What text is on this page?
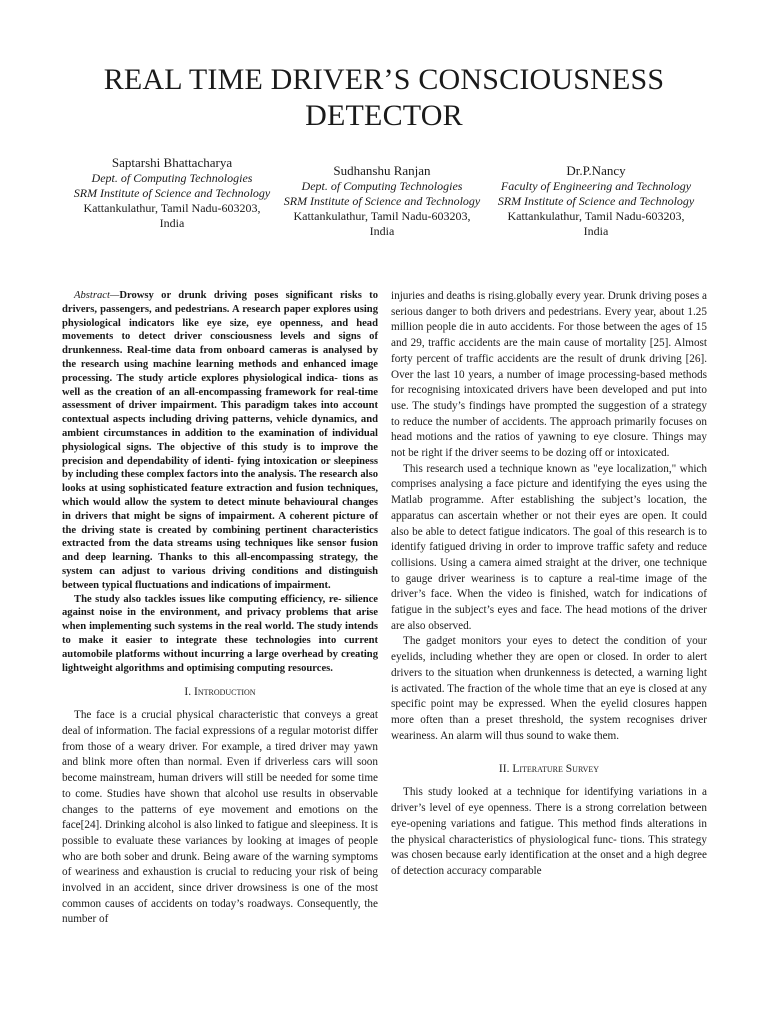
REAL TIME DRIVER’S CONSCIOUSNESS
DETECTOR
Saptarshi Bhattacharya
Dept. of Computing Technologies
SRM Institute of Science and Technology
Kattankulathur, Tamil Nadu-603203,
India
Sudhanshu Ranjan
Dept. of Computing Technologies
SRM Institute of Science and Technology
Kattankulathur, Tamil Nadu-603203,
India
Dr.P.Nancy
Faculty of Engineering and Technology
SRM Institute of Science and Technology
Kattankulathur, Tamil Nadu-603203,
India

Abstract—Drowsy or drunk driving poses significant risks to drivers, passengers, and pedestrians. A research paper explores using physiological indicators like eye size, eye openness, and head movements to detect driver consciousness levels and signs of drunkenness. Real-time data from onboard cameras is analysed by the research using machine learning methods and enhanced image processing. The study article explores physiological indica- tions as well as the creation of an all-encompassing framework for real-time assessment of driver impairment. This paradigm takes into account contextual aspects including driving patterns, vehicle dynamics, and ambient circumstances in addition to the examination of individual physiological signs. The objective of this study is to improve the precision and dependability of identi- fying intoxication or sleepiness by including these complex factors into the analysis. The research also looks at using sophisticated feature extraction and fusion techniques, which would allow the system to detect minute behavioural changes in drivers that might be signs of impairment. A coherent picture of the driving state is created by combining pertinent characteristics extracted from the data streams using techniques like sensor fusion and deep learning. Thanks to this all-encompassing strategy, the system can adjust to various driving conditions and distinguish between typical fluctuations and indications of impairment.

The study also tackles issues like computing efficiency, re- silience against noise in the environment, and privacy problems that arise when implementing such systems in the real world. The study intends to make it easier to integrate these technologies into current automobile platforms without incurring a large overhead by creating lightweight algorithms and optimising computing resources.

I. Introduction

The face is a crucial physical characteristic that conveys a great deal of information. The facial expressions of a regular motorist differ from those of a weary driver. For example, a tired driver may yawn and blink more often than normal. Even if driverless cars will soon become mainstream, human drivers will still be needed for some time to come. Studies have shown that alcohol use results in observable changes to the patterns of eye movement and emotions on the face[24]. Drinking alcohol is also linked to fatigue and sleepiness. It is possible to evaluate these variances by looking at images of people who are both sober and drunk. Being aware of the warning symptoms of weariness and exhaustion is crucial to reducing your risk of being involved in an accident, since driver drowsiness is one of the most common causes of accidents on today’s roadways. Consequently, the number of

injuries and deaths is rising.globally every year. Drunk driving poses a serious danger to both drivers and pedestrians. Every year, about 1.25 million people die in auto accidents. For those between the ages of 15 and 29, traffic accidents are the main cause of mortality [25]. Almost forty percent of traffic accidents are the result of drunk driving [26]. Over the last 10 years, a number of image processing-based methods for recognising intoxicated drivers have been developed and put into use. The study’s findings have prompted the suggestion of a strategy to reduce the number of accidents. The approach primarily focuses on head motions and the ratios of yawning to eye closure. Things may not be right if the driver seems to be dozing off or intoxicated.

This research used a technique known as "eye localization," which comprises analysing a face picture and identifying the eyes using the Matlab programme. After establishing the subject’s location, the apparatus can ascertain whether or not their eyes are open. It could also be able to detect fatigue indicators. The goal of this research is to identify fatigued driving in order to improve traffic safety and reduce collisions. Using a camera aimed straight at the driver, one technique to gauge driver weariness is to capture a real-time image of the driver’s face. When the video is finished, watch for indications of fatigue in the subject’s eyes and face. The head motions of the driver are also observed.

The gadget monitors your eyes to detect the condition of your eyelids, including whether they are open or closed. In order to alert drivers to the situation when drunkenness is detected, a warning light is activated. The fraction of the whole time that an eye is closed at any specific point may be expressed. When the eyelid closures happen more often than a preset threshold, the system recognises driver weariness. An alarm will thus sound to wake them.

II. Literature Survey

This study looked at a technique for identifying variations in a driver’s level of eye openness. There is a strong correlation between eye-opening variations and fatigue. This method finds alterations in the physical characteristics of physiological func- tions. This strategy was chosen because early identification at the onset and a high degree of detection accuracy comparable
